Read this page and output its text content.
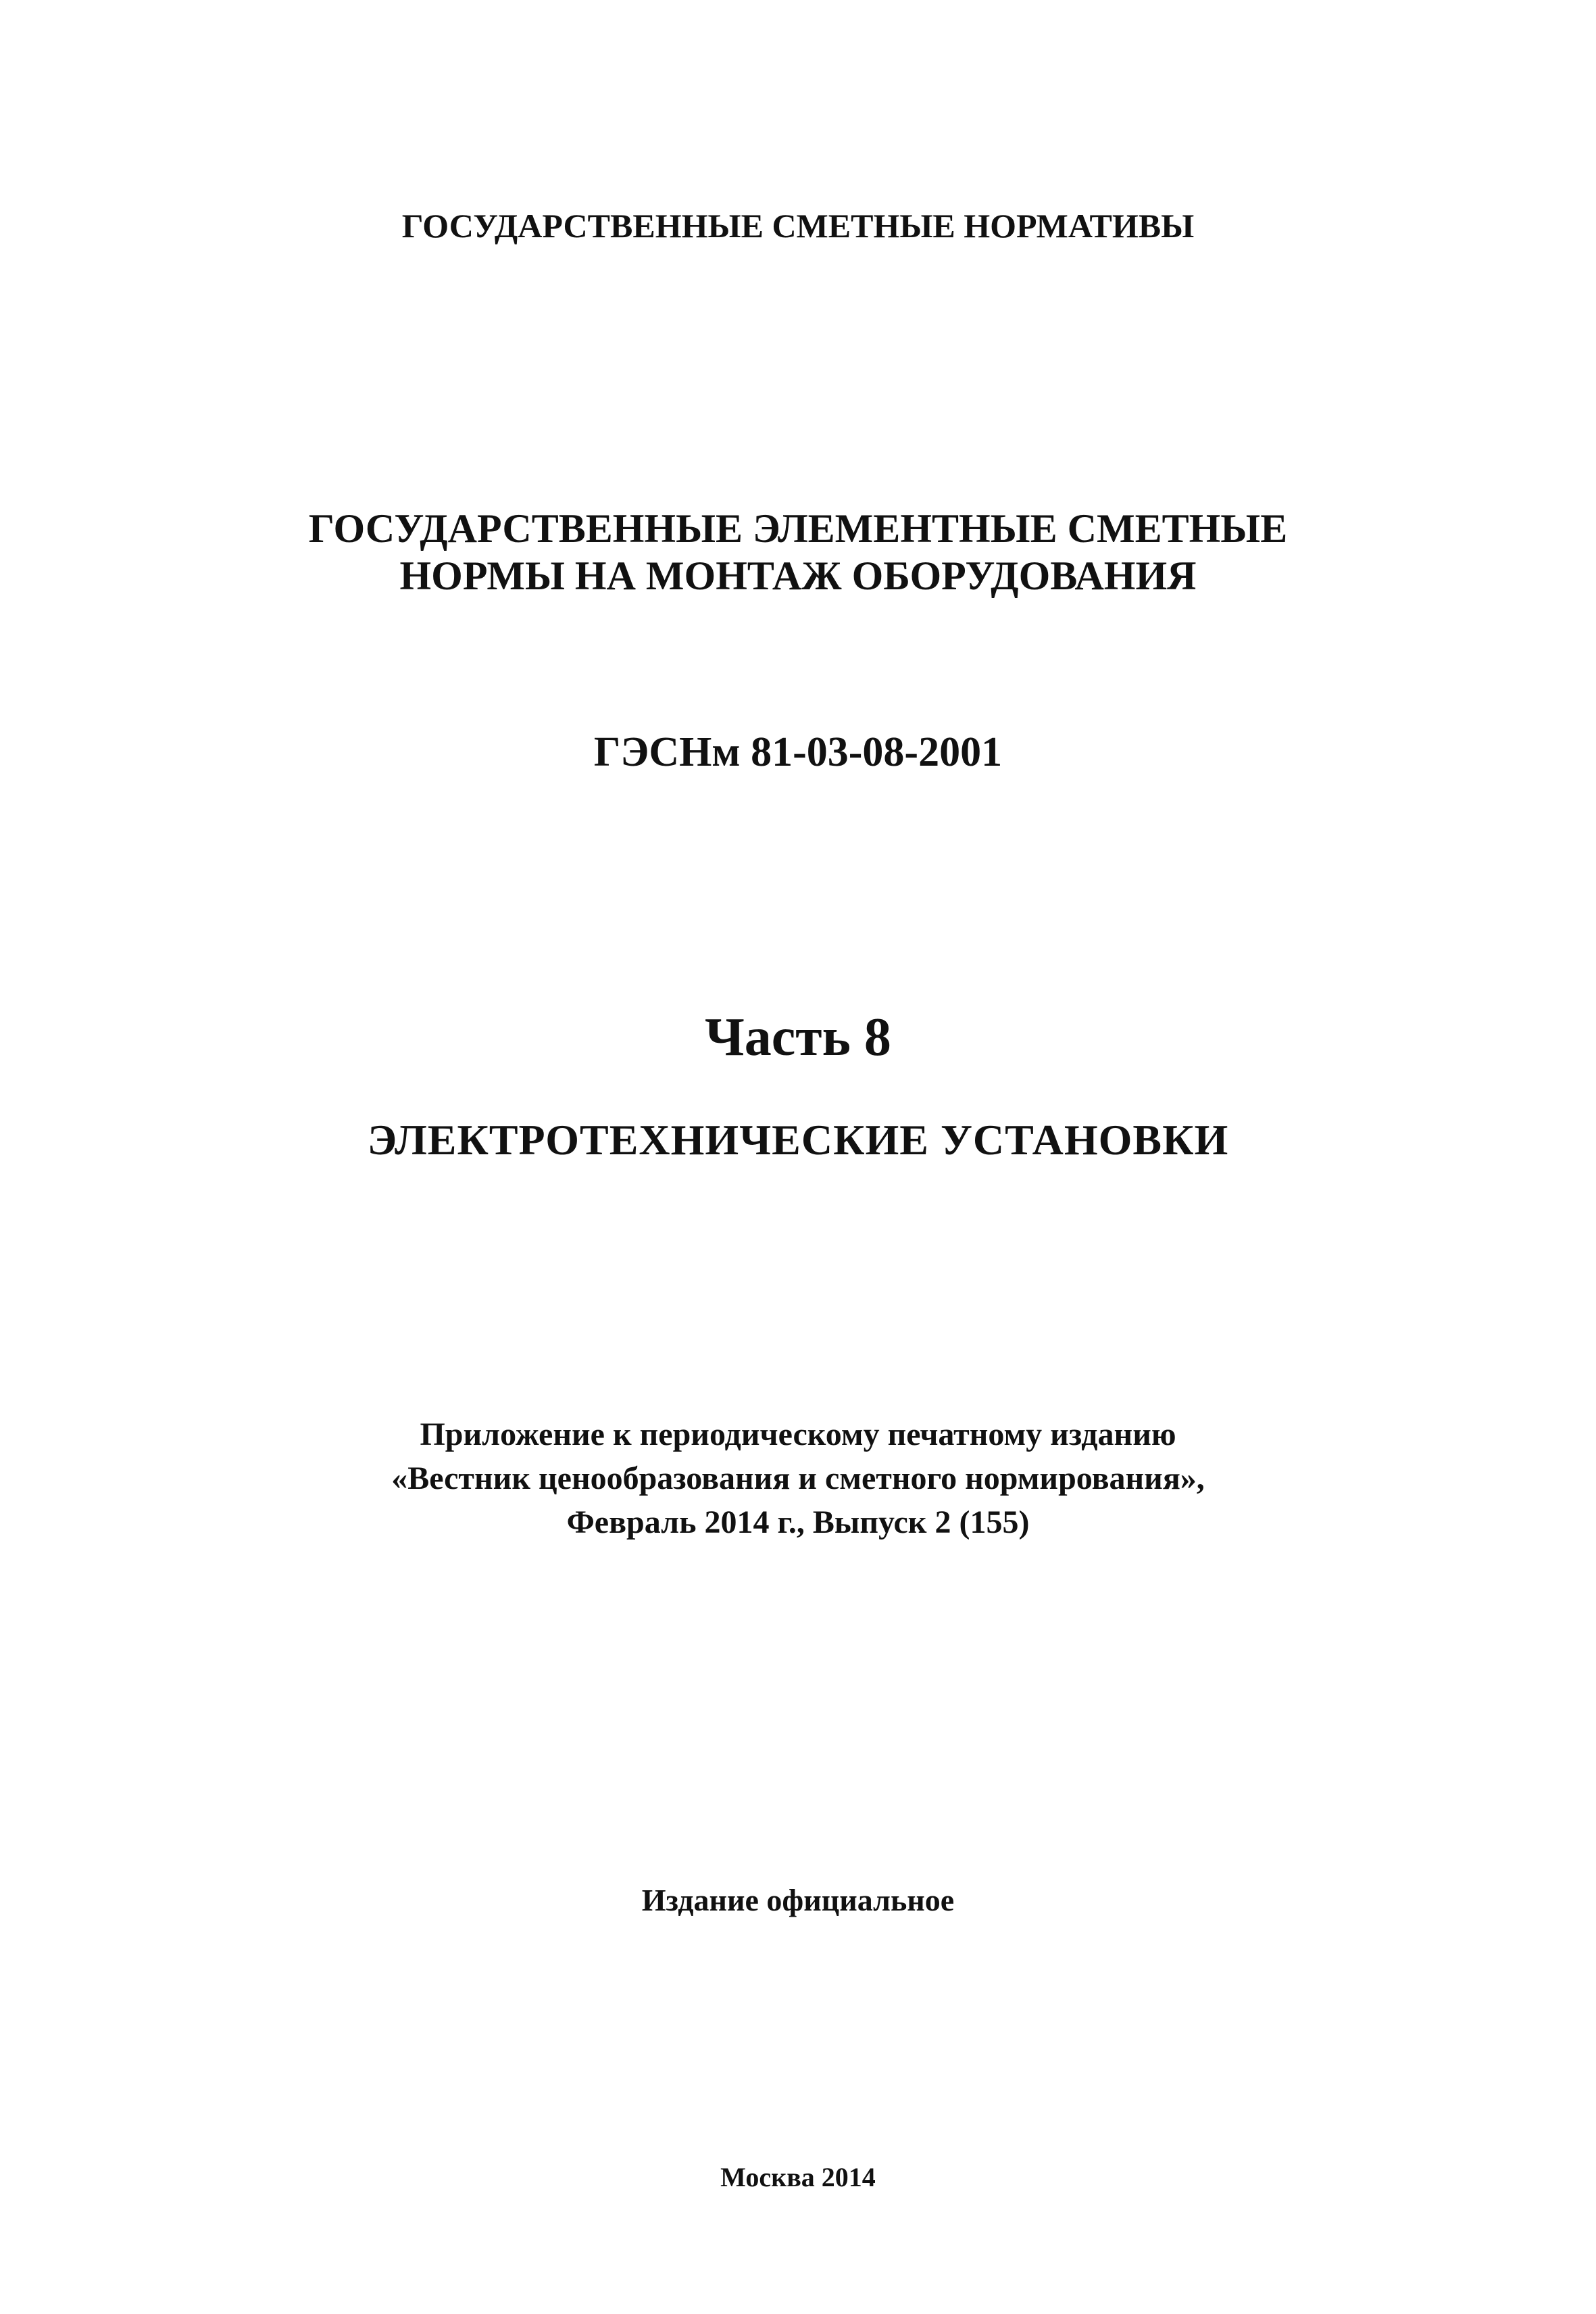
ГОСУДАРСТВЕННЫЕ СМЕТНЫЕ НОРМАТИВЫ
ГОСУДАРСТВЕННЫЕ ЭЛЕМЕНТНЫЕ СМЕТНЫЕ
НОРМЫ НА МОНТАЖ ОБОРУДОВАНИЯ
ГЭСНм 81-03-08-2001
Часть 8
ЭЛЕКТРОТЕХНИЧЕСКИЕ УСТАНОВКИ
Приложение к периодическому печатному изданию
«Вестник ценообразования и сметного нормирования»,
Февраль 2014 г., Выпуск 2 (155)
Издание официальное
Москва 2014
